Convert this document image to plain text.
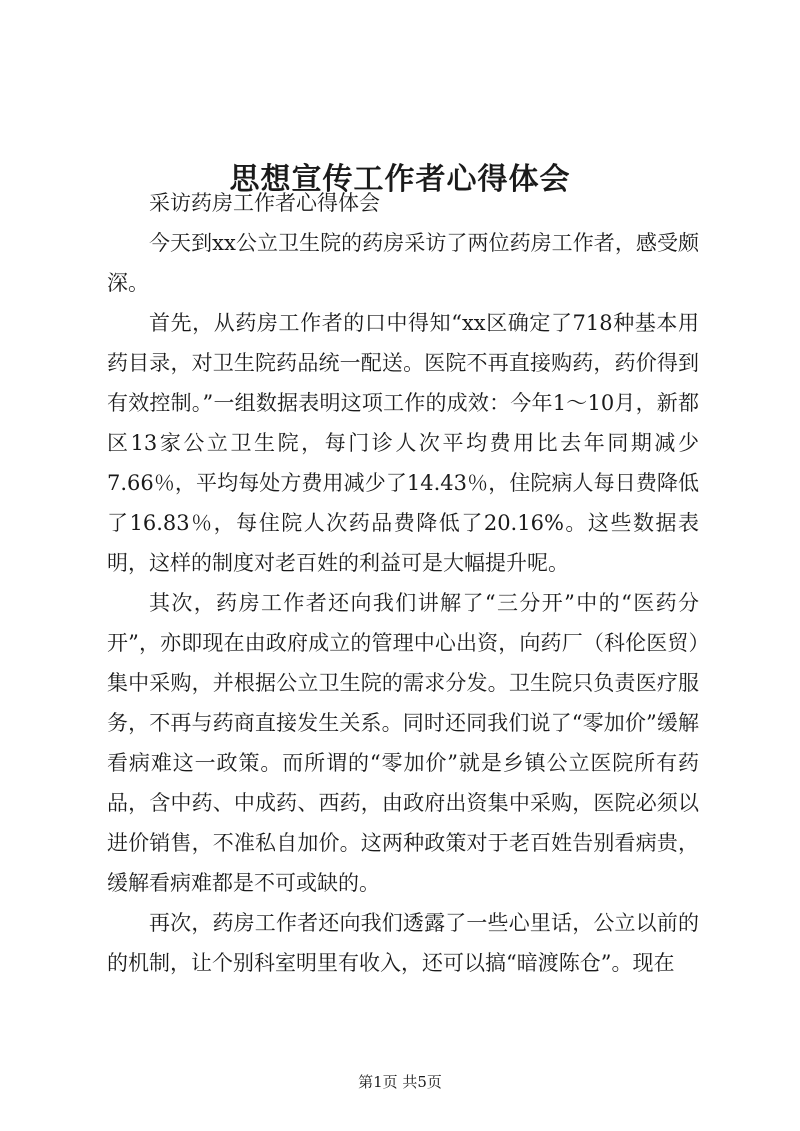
思想宣传工作者心得体会

采访药房工作者心得体会

今天到xx公立卫生院的药房采访了两位药房工作者，感受颇深。

首先，从药房工作者的口中得知“xx区确定了718种基本用药目录，对卫生院药品统一配送。医院不再直接购药，药价得到有效控制。”一组数据表明这项工作的成效：今年1～10月，新都区13家公立卫生院，每门诊人次平均费用比去年同期减少7.66％，平均每处方费用减少了14.43％，住院病人每日费降低了16.83％，每住院人次药品费降低了20.16%。这些数据表明，这样的制度对老百姓的利益可是大幅提升呢。

其次，药房工作者还向我们讲解了“三分开”中的“医药分开”，亦即现在由政府成立的管理中心出资，向药厂（科伦医贸）集中采购，并根据公立卫生院的需求分发。卫生院只负责医疗服务，不再与药商直接发生关系。同时还同我们说了“零加价”缓解看病难这一政策。而所谓的“零加价”就是乡镇公立医院所有药品，含中药、中成药、西药，由政府出资集中采购，医院必须以进价销售，不准私自加价。这两种政策对于老百姓告别看病贵，缓解看病难都是不可或缺的。

再次，药房工作者还向我们透露了一些心里话，公立以前的的机制，让个别科室明里有收入，还可以搞“暗渡陈仓”。现在

第1页 共5页
